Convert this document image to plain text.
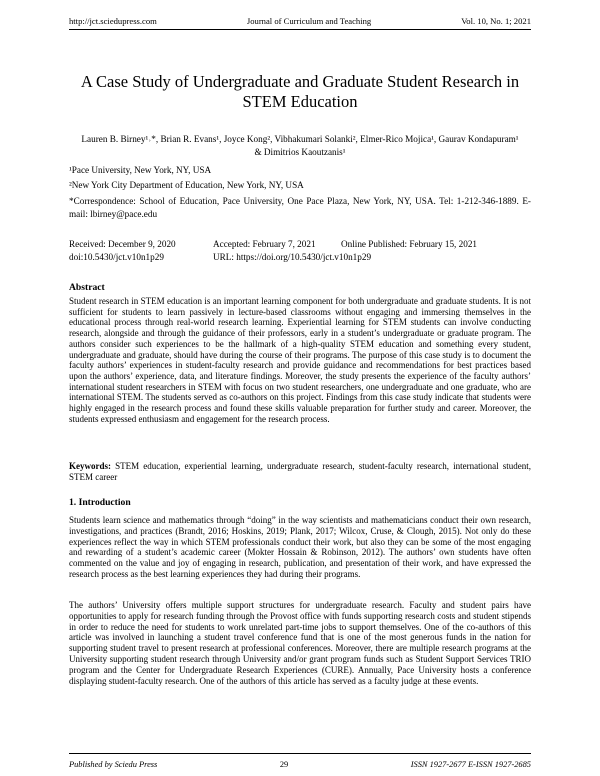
http://jct.sciedupress.com	Journal of Curriculum and Teaching	Vol. 10, No. 1; 2021
A Case Study of Undergraduate and Graduate Student Research in STEM Education
Lauren B. Birney¹˒*, Brian R. Evans¹, Joyce Kong², Vibhakumari Solanki², Elmer-Rico Mojica¹, Gaurav Kondapuram¹ & Dimitrios Kaoutzanis¹
¹Pace University, New York, NY, USA
²New York City Department of Education, New York, NY, USA
*Correspondence: School of Education, Pace University, One Pace Plaza, New York, NY, USA. Tel: 1-212-346-1889. E-mail: lbirney@pace.edu
Received: December 9, 2020	Accepted: February 7, 2021	Online Published: February 15, 2021
doi:10.5430/jct.v10n1p29	URL: https://doi.org/10.5430/jct.v10n1p29
Abstract
Student research in STEM education is an important learning component for both undergraduate and graduate students. It is not sufficient for students to learn passively in lecture-based classrooms without engaging and immersing themselves in the educational process through real-world research learning. Experiential learning for STEM students can involve conducting research, alongside and through the guidance of their professors, early in a student’s undergraduate or graduate program. The authors consider such experiences to be the hallmark of a high-quality STEM education and something every student, undergraduate and graduate, should have during the course of their programs. The purpose of this case study is to document the faculty authors’ experiences in student-faculty research and provide guidance and recommendations for best practices based upon the authors’ experience, data, and literature findings. Moreover, the study presents the experience of the faculty authors’ international student researchers in STEM with focus on two student researchers, one undergraduate and one graduate, who are international STEM. The students served as co-authors on this project. Findings from this case study indicate that students were highly engaged in the research process and found these skills valuable preparation for further study and career. Moreover, the students expressed enthusiasm and engagement for the research process.
Keywords: STEM education, experiential learning, undergraduate research, student-faculty research, international student, STEM career
1. Introduction
Students learn science and mathematics through “doing” in the way scientists and mathematicians conduct their own research, investigations, and practices (Brandt, 2016; Hoskins, 2019; Plank, 2017; Wilcox, Cruse, & Clough, 2015). Not only do these experiences reflect the way in which STEM professionals conduct their work, but also they can be some of the most engaging and rewarding of a student’s academic career (Mokter Hossain & Robinson, 2012). The authors’ own students have often commented on the value and joy of engaging in research, publication, and presentation of their work, and have expressed the research process as the best learning experiences they had during their programs.
The authors’ University offers multiple support structures for undergraduate research. Faculty and student pairs have opportunities to apply for research funding through the Provost office with funds supporting research costs and student stipends in order to reduce the need for students to work unrelated part-time jobs to support themselves. One of the co-authors of this article was involved in launching a student travel conference fund that is one of the most generous funds in the nation for supporting student travel to present research at professional conferences. Moreover, there are multiple research programs at the University supporting student research through University and/or grant program funds such as Student Support Services TRIO program and the Center for Undergraduate Research Experiences (CURE). Annually, Pace University hosts a conference displaying student-faculty research. One of the authors of this article has served as a faculty judge at these events.
Published by Sciedu Press	29	ISSN 1927-2677 E-ISSN 1927-2685
